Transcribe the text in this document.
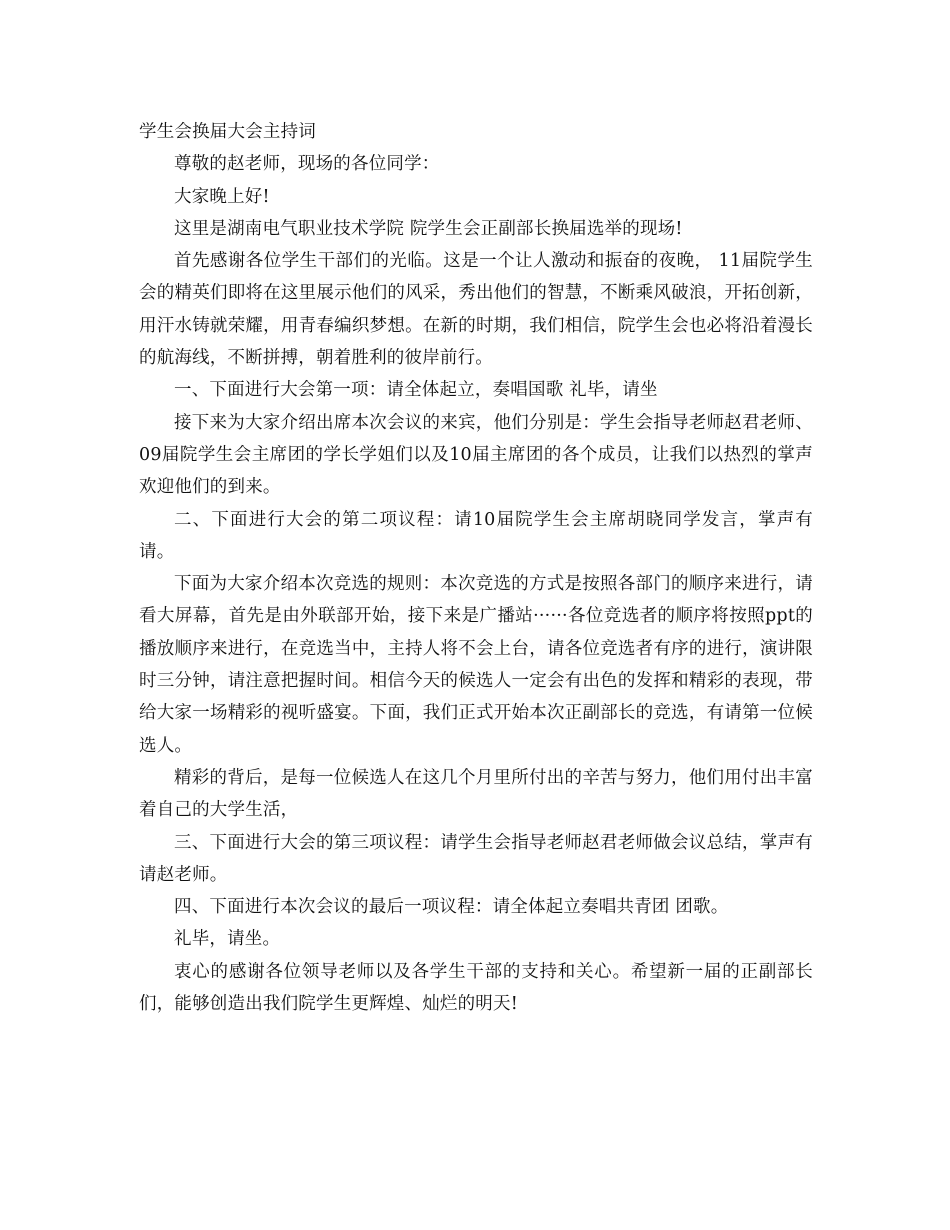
学生会换届大会主持词

尊敬的赵老师，现场的各位同学：

大家晚上好!

这里是湖南电气职业技术学院 院学生会正副部长换届选举的现场!

首先感谢各位学生干部们的光临。这是一个让人激动和振奋的夜晚， 11届院学生会的精英们即将在这里展示他们的风采，秀出他们的智慧，不断乘风破浪，开拓创新，用汗水铸就荣耀，用青春编织梦想。在新的时期，我们相信，院学生会也必将沿着漫长的航海线，不断拼搏，朝着胜利的彼岸前行。

一、下面进行大会第一项：请全体起立，奏唱国歌 礼毕，请坐

接下来为大家介绍出席本次会议的来宾，他们分别是：学生会指导老师赵君老师、09届院学生会主席团的学长学姐们以及10届主席团的各个成员，让我们以热烈的掌声欢迎他们的到来。

二、下面进行大会的第二项议程：请10届院学生会主席胡晓同学发言，掌声有请。

下面为大家介绍本次竞选的规则：本次竞选的方式是按照各部门的顺序来进行，请看大屏幕，首先是由外联部开始，接下来是广播站······各位竞选者的顺序将按照ppt的播放顺序来进行，在竞选当中，主持人将不会上台，请各位竞选者有序的进行，演讲限时三分钟，请注意把握时间。相信今天的候选人一定会有出色的发挥和精彩的表现，带给大家一场精彩的视听盛宴。下面，我们正式开始本次正副部长的竞选，有请第一位候选人。

精彩的背后，是每一位候选人在这几个月里所付出的辛苦与努力，他们用付出丰富着自己的大学生活，

三、下面进行大会的第三项议程：请学生会指导老师赵君老师做会议总结，掌声有请赵老师。

四、下面进行本次会议的最后一项议程：请全体起立奏唱共青团 团歌。

礼毕，请坐。

衷心的感谢各位领导老师以及各学生干部的支持和关心。希望新一届的正副部长们，能够创造出我们院学生更辉煌、灿烂的明天!
